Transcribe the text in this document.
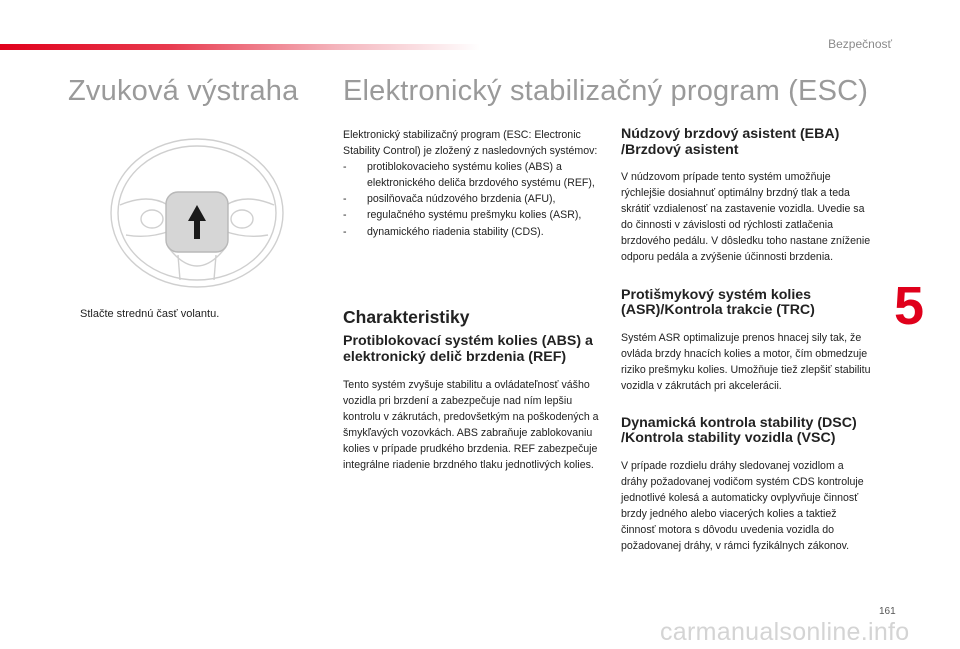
Bezpečnosť
Zvuková výstraha Elektronický stabilizačný program (ESC)
Stlačte strednú časť volantu.

Elektronický stabilizačný program (ESC: Electronic Stability Control) je zložený z nasledovných systémov:

- protiblokovacieho systému kolies (ABS) a elektronického deliča brzdového systému (REF),
- posilňovača núdzového brzdenia (AFU),
- regulačného systému prešmyku kolies (ASR),
- dynamického riadenia stability (CDS).
Charakteristiky
Protiblokovací systém kolies (ABS) a elektronický delič brzdenia (REF)

Tento systém zvyšuje stabilitu a ovládateľnosť vášho vozidla pri brzdení a zabezpečuje nad ním lepšiu kontrolu v zákrutách, predovšetkým na poškodených a šmykľavých vozovkách. ABS zabraňuje zablokovaniu kolies v prípade prudkého brzdenia. REF zabezpečuje integrálne riadenie brzdného tlaku jednotlivých kolies.

Núdzový brzdový asistent (EBA) /Brzdový asistent

V núdzovom prípade tento systém umožňuje rýchlejšie dosiahnuť optimálny brzdný tlak a teda skrátiť vzdialenosť na zastavenie vozidla. Uvedie sa do činnosti v závislosti od rýchlosti zatlačenia brzdového pedálu. V dôsledku toho nastane zníženie odporu pedála a zvýšenie účinnosti brzdenia.

Protišmykový systém kolies (ASR)/Kontrola trakcie (TRC)

Systém ASR optimalizuje prenos hnacej sily tak, že ovláda brzdy hnacích kolies a motor, čím obmedzuje riziko prešmyku kolies. Umožňuje tiež zlepšiť stabilitu vozidla v zákrutách pri akcelerácii.

Dynamická kontrola stability (DSC) /Kontrola stability vozidla (VSC)

V prípade rozdielu dráhy sledovanej vozidlom a dráhy požadovanej vodičom systém CDS kontroluje jednotlivé kolesá a automaticky ovplyvňuje činnosť brzdy jedného alebo viacerých kolies a taktiež činnosť motora s dôvodu uvedenia vozidla do požadovanej dráhy, v rámci fyzikálnych zákonov.

5
161
carmanualsonline.info
